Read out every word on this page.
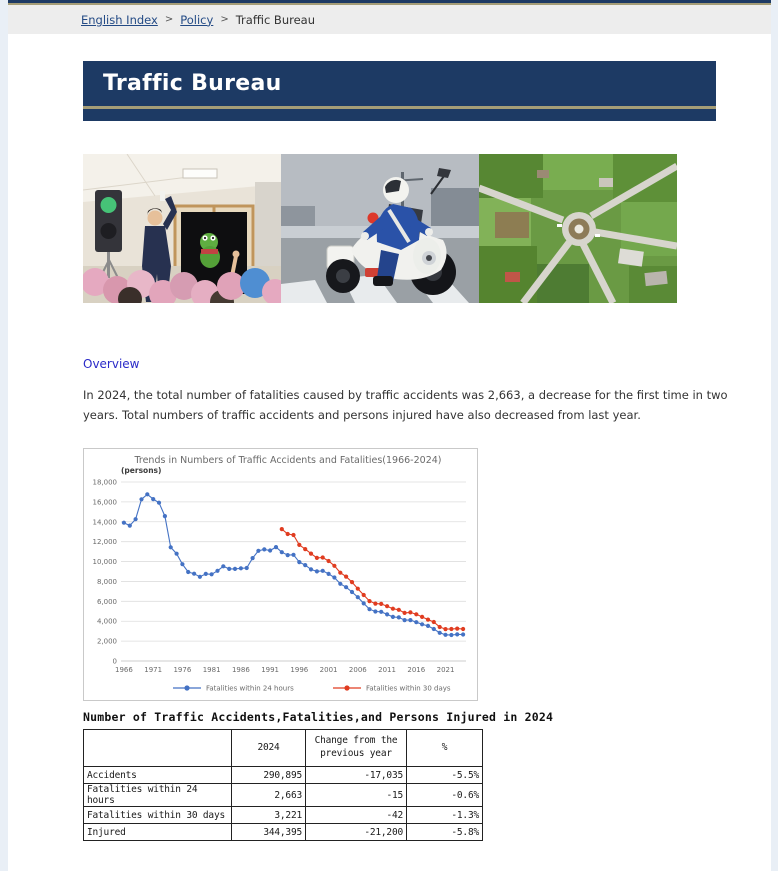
English Index > Policy > Traffic Bureau
Traffic Bureau
Overview

In 2024, the total number of fatalities caused by traffic accidents was 2,663, a decrease for the first time in two years. Total numbers of traffic accidents and persons injured have also decreased from last year.

0
2,000
4,000
6,000
8,000
10,000
12,000
14,000
16,000
18,000
1966 1971 1976 1981 1986 1991 1996 2001 2006 2011 2016 2021
Trends in Numbers of Traffic Accidents and Fatalities(1966-2024)
(persons)
Fatalities within 24 hours	Fatalities within 30 days

Number of Traffic Accidents,Fatalities,and Persons Injured in 2024

	2024	Change from the previous year	%
Accidents	290,895	-17,035	-5.5%
Fatalities within 24 hours	2,663	-15	-0.6%
Fatalities within 30 days	3,221	-42	-1.3%
Injured	344,395	-21,200	-5.8%
